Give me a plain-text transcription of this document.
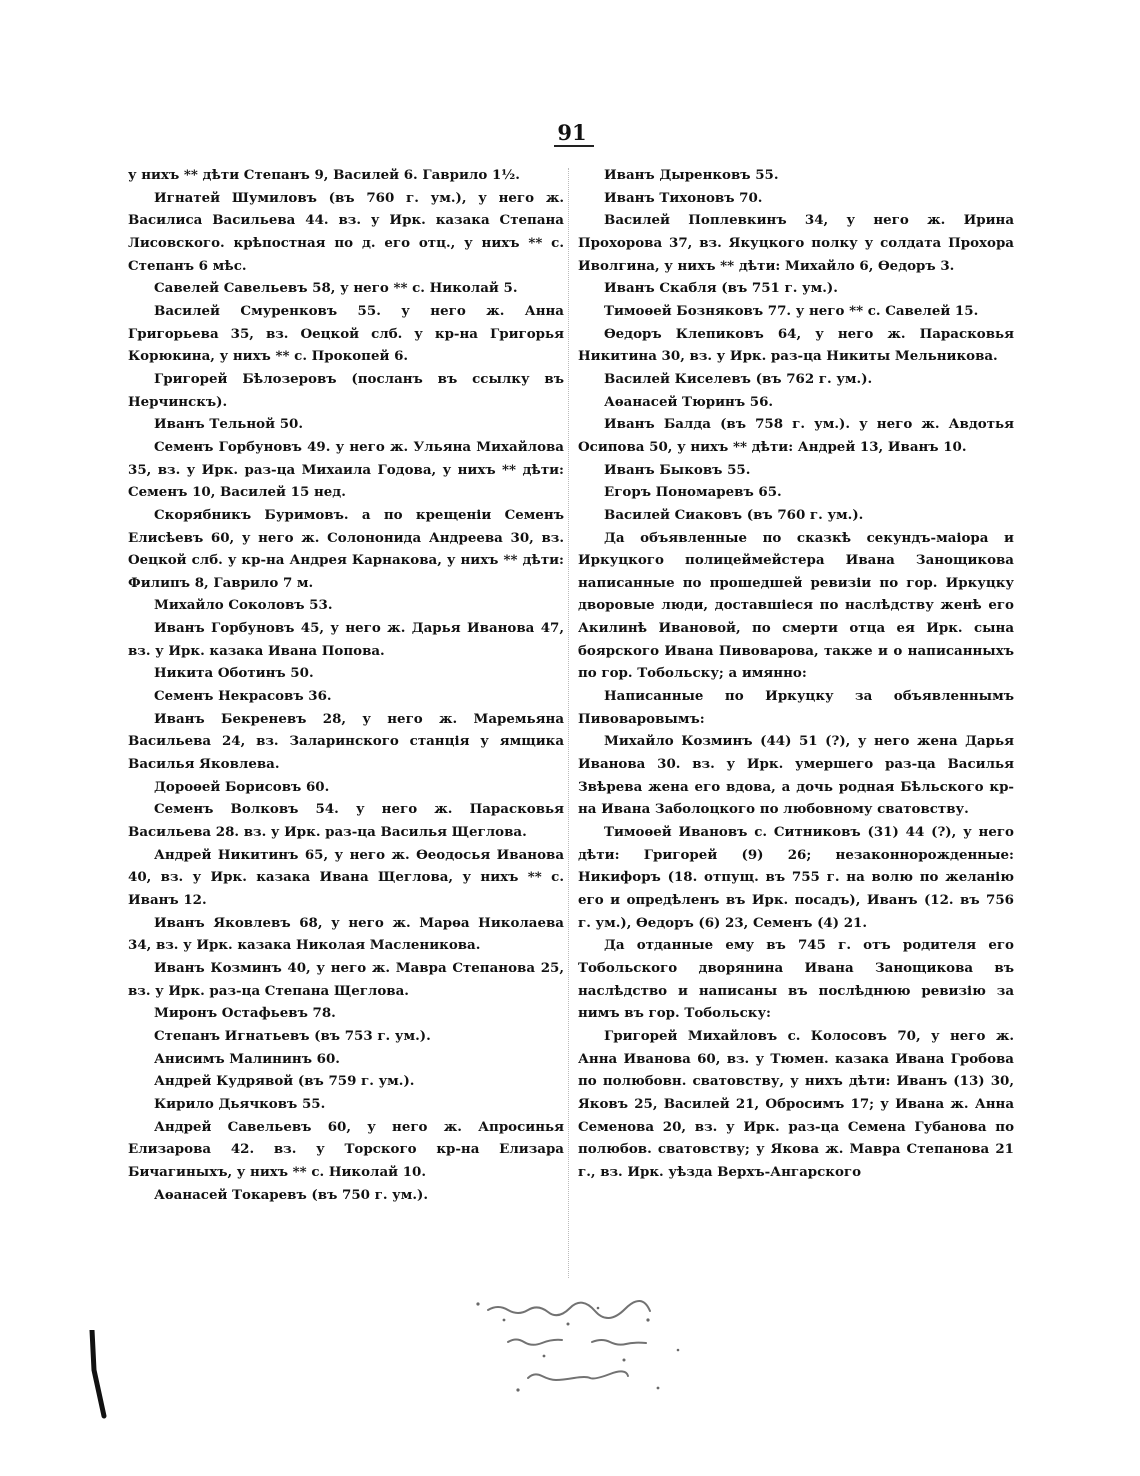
91

у нихъ ** дѣти Степанъ 9, Василей 6. Гаврило 1½.

Игнатей Шумиловъ (въ 760 г. ум.), у него ж. Василиса Васильева 44. вз. у Ирк. казака Степана Лисовского. крѣпостная по д. его отц., у нихъ ** с. Степанъ 6 мѣс.

Савелей Савельевъ 58, у него ** с. Николай 5.

Василей Смуренковъ 55. у него ж. Анна Григорьева 35, вз. Оецкой слб. у кр-на Григорья Корюкина, у нихъ ** с. Прокопей 6.

Григорей Бѣлозеровъ (посланъ въ ссылку въ Нерчинскъ).

Иванъ Тельной 50.

Семенъ Горбуновъ 49. у него ж. Ульяна Михайлова 35, вз. у Ирк. раз-ца Михаила Годова, у нихъ ** дѣти: Семенъ 10, Василей 15 нед.

Скорябникъ Буримовъ. а по крещеніи Семенъ Елисѣевъ 60, у него ж. Солононида Андреева 30, вз. Оецкой слб. у кр-на Андрея Карнакова, у нихъ ** дѣти: Филипъ 8, Гаврило 7 м.

Михайло Соколовъ 53.

Иванъ Горбуновъ 45, у него ж. Дарья Иванова 47, вз. у Ирк. казака Ивана Попова.

Никита Оботинъ 50.

Семенъ Некрасовъ 36.

Иванъ Бекреневъ 28, у него ж. Маремьяна Васильева 24, вз. Заларинского станція у ямщика Василья Яковлева.

Дороѳей Борисовъ 60.

Семенъ Волковъ 54. у него ж. Парасковья Васильева 28. вз. у Ирк. раз-ца Василья Щеглова.

Андрей Никитинъ 65, у него ж. Ѳеодосья Иванова 40, вз. у Ирк. казака Ивана Щеглова, у нихъ ** с. Иванъ 12.

Иванъ Яковлевъ 68, у него ж. Марѳа Николаева 34, вз. у Ирк. казака Николая Масленикова.

Иванъ Козминъ 40, у него ж. Мавра Степанова 25, вз. у Ирк. раз-ца Степана Щеглова.

Миронъ Остафьевъ 78.

Степанъ Игнатьевъ (въ 753 г. ум.).

Анисимъ Малининъ 60.

Андрей Кудрявой (въ 759 г. ум.).

Кирило Дьячковъ 55.

Андрей Савельевъ 60, у него ж. Апросинья Елизарова 42. вз. у Торского кр-на Елизара Бичагиныхъ, у нихъ ** с. Николай 10.

Аѳанасей Токаревъ (въ 750 г. ум.).

Иванъ Дыренковъ 55.

Иванъ Тихоновъ 70.

Василей Поплевкинъ 34, у него ж. Ирина Прохорова 37, вз. Якуцкого полку у солдата Прохора Иволгина, у нихъ ** дѣти: Михайло 6, Ѳедоръ 3.

Иванъ Скабля (въ 751 г. ум.).

Тимоѳей Бозняковъ 77. у него ** с. Савелей 15.

Ѳедоръ Клепиковъ 64, у него ж. Парасковья Никитина 30, вз. у Ирк. раз-ца Никиты Мельникова.

Василей Киселевъ (въ 762 г. ум.).

Аѳанасей Тюринъ 56.

Иванъ Балда (въ 758 г. ум.). у него ж. Авдотья Осипова 50, у нихъ ** дѣти: Андрей 13, Иванъ 10.

Иванъ Быковъ 55.

Егоръ Пономаревъ 65.

Василей Сиаковъ (въ 760 г. ум.).

Да объявленные по сказкѣ секундъ-маіора и Иркуцкого полицеймейстера Ивана Занощикова написанные по прошедшей ревизіи по гор. Иркуцку дворовые люди, доставшіеся по наслѣдству женѣ его Акилинѣ Ивановой, по смерти отца ея Ирк. сына боярского Ивана Пивоварова, также и о написанныхъ по гор. Тобольску; а имянно:

Написанные по Иркуцку за объявленнымъ Пивоваровымъ:

Михайло Козминъ (44) 51 (?), у него жена Дарья Иванова 30. вз. у Ирк. умершего раз-ца Василья Звѣрева жена его вдова, а дочь родная Бѣльского кр-на Ивана Заболоцкого по любовному сватовству.

Тимоѳей Ивановъ с. Ситниковъ (31) 44 (?), у него дѣти: Григорей (9) 26; незаконнорожденные: Никифоръ (18. отпущ. въ 755 г. на волю по желанію его и опредѣленъ въ Ирк. посадъ), Иванъ (12. въ 756 г. ум.), Ѳедоръ (6) 23, Семенъ (4) 21.

Да отданные ему въ 745 г. отъ родителя его Тобольского дворянина Ивана Занощикова въ наслѣдство и написаны въ послѣднюю ревизію за нимъ въ гор. Тобольску:

Григорей Михайловъ с. Колосовъ 70, у него ж. Анна Иванова 60, вз. у Тюмен. казака Ивана Гробова по полюбовн. сватовству, у нихъ дѣти: Иванъ (13) 30, Яковъ 25, Василей 21, Обросимъ 17; у Ивана ж. Анна Семенова 20, вз. у Ирк. раз-ца Семена Губанова по полюбов. сватовству; у Якова ж. Мавра Степанова 21 г., вз. Ирк. уѣзда Верхъ-Ангарского
